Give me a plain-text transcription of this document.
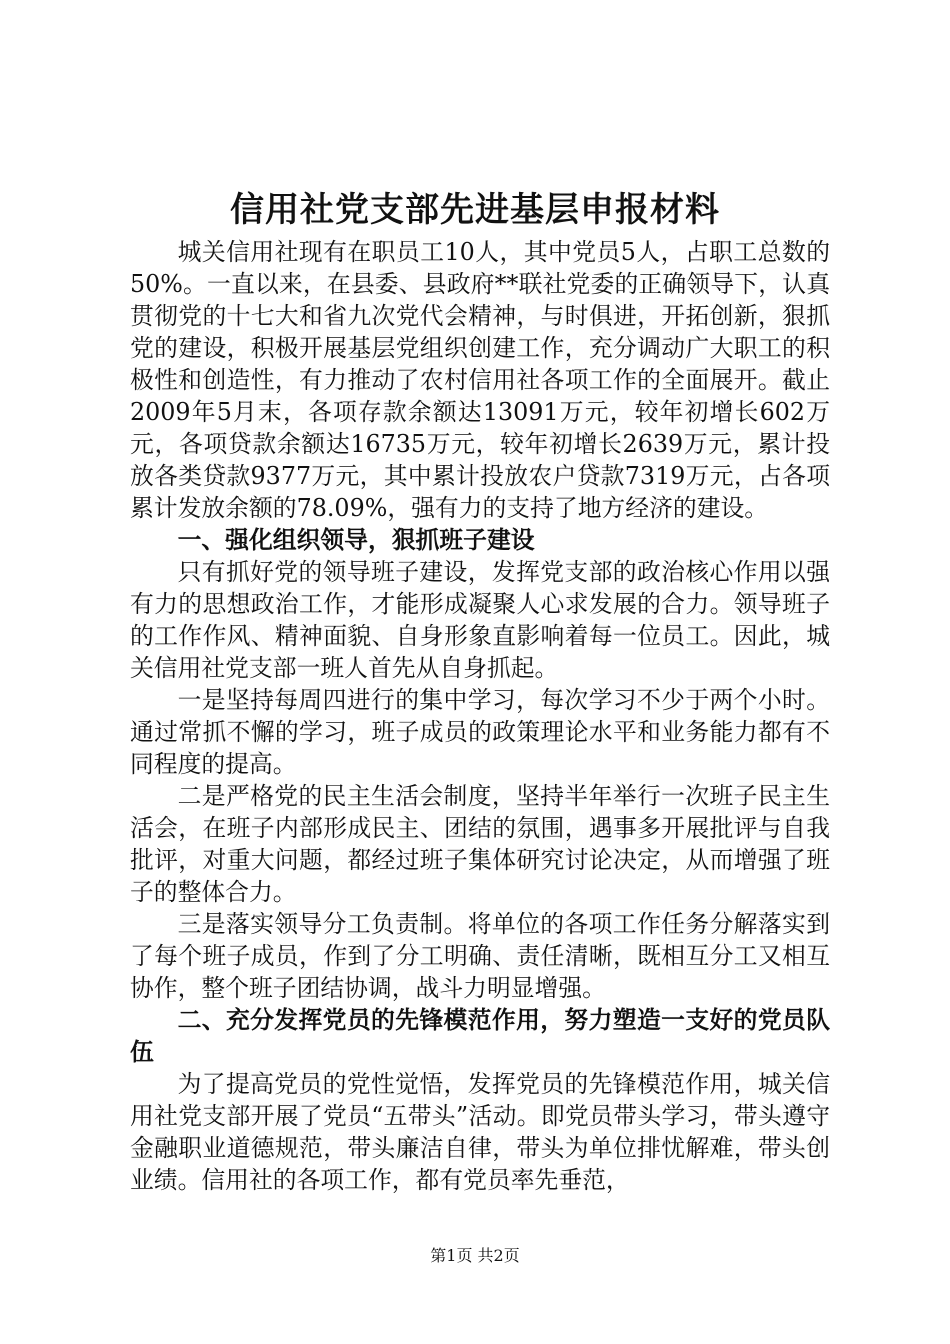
信用社党支部先进基层申报材料

城关信用社现有在职员工10人，其中党员5人，占职工总数的50%。一直以来，在县委、县政府**联社党委的正确领导下，认真贯彻党的十七大和省九次党代会精神，与时俱进，开拓创新，狠抓党的建设，积极开展基层党组织创建工作，充分调动广大职工的积极性和创造性，有力推动了农村信用社各项工作的全面展开。截止2009年5月末，各项存款余额达13091万元，较年初增长602万元，各项贷款余额达16735万元，较年初增长2639万元，累计投放各类贷款9377万元，其中累计投放农户贷款7319万元，占各项累计发放余额的78.09%，强有力的支持了地方经济的建设。

一、强化组织领导，狠抓班子建设

只有抓好党的领导班子建设，发挥党支部的政治核心作用以强有力的思想政治工作，才能形成凝聚人心求发展的合力。领导班子的工作作风、精神面貌、自身形象直影响着每一位员工。因此，城关信用社党支部一班人首先从自身抓起。

一是坚持每周四进行的集中学习，每次学习不少于两个小时。通过常抓不懈的学习，班子成员的政策理论水平和业务能力都有不同程度的提高。

二是严格党的民主生活会制度，坚持半年举行一次班子民主生活会，在班子内部形成民主、团结的氛围，遇事多开展批评与自我批评，对重大问题，都经过班子集体研究讨论决定，从而增强了班子的整体合力。

三是落实领导分工负责制。将单位的各项工作任务分解落实到了每个班子成员，作到了分工明确、责任清晰，既相互分工又相互协作，整个班子团结协调，战斗力明显增强。

二、充分发挥党员的先锋模范作用，努力塑造一支好的党员队伍

为了提高党员的党性觉悟，发挥党员的先锋模范作用，城关信用社党支部开展了党员“五带头”活动。即党员带头学习，带头遵守金融职业道德规范，带头廉洁自律，带头为单位排忧解难，带头创业绩。信用社的各项工作，都有党员率先垂范，

第1页 共2页
